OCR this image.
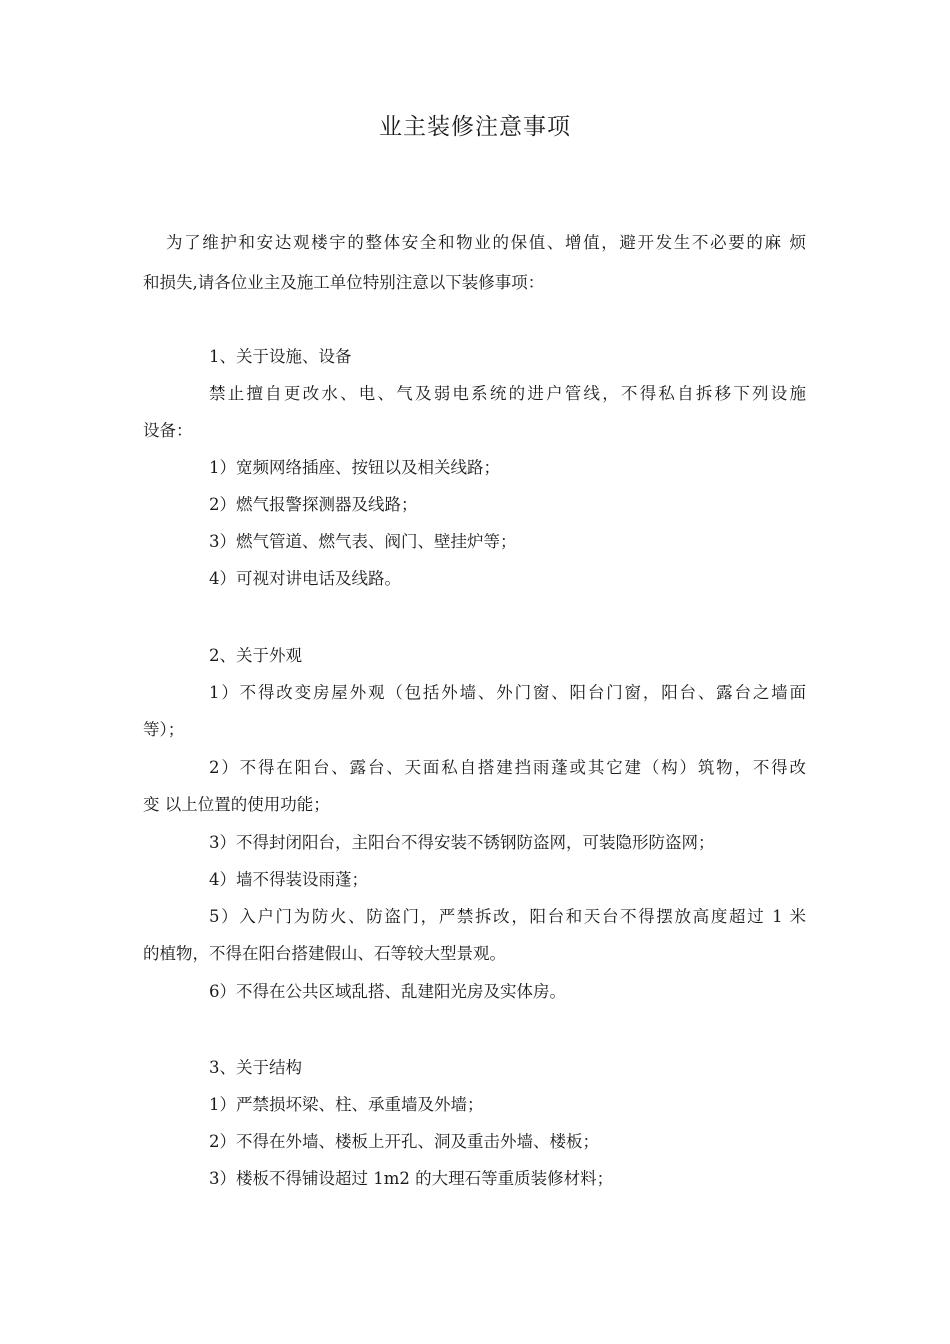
业主装修注意事项

为了维护和安达观楼宇的整体安全和物业的保值、增值，避开发生不必要的麻 烦

和损失,请各位业主及施工单位特别注意以下装修事项：

1、关于设施、设备

禁止擅自更改水、电、气及弱电系统的进户管线，不得私自拆移下列设施

设备：

1）宽频网络插座、按钮以及相关线路；

2）燃气报警探测器及线路；

3）燃气管道、燃气表、阀门、壁挂炉等；

4）可视对讲电话及线路。

2、关于外观

1）不得改变房屋外观（包括外墙、外门窗、阳台门窗，阳台、露台之墙面

等）；

2）不得在阳台、露台、天面私自搭建挡雨蓬或其它建（构）筑物，不得改

变 以上位置的使用功能；

3）不得封闭阳台，主阳台不得安装不锈钢防盗网，可装隐形防盗网；

4）墙不得装设雨蓬；

5）入户门为防火、防盗门，严禁拆改，阳台和天台不得摆放高度超过 1 米

的植物，不得在阳台搭建假山、石等较大型景观。

6）不得在公共区域乱搭、乱建阳光房及实体房。

3、关于结构

1）严禁损坏梁、柱、承重墙及外墙；

2）不得在外墙、楼板上开孔、洞及重击外墙、楼板；

3）楼板不得铺设超过 1m2 的大理石等重质装修材料；
